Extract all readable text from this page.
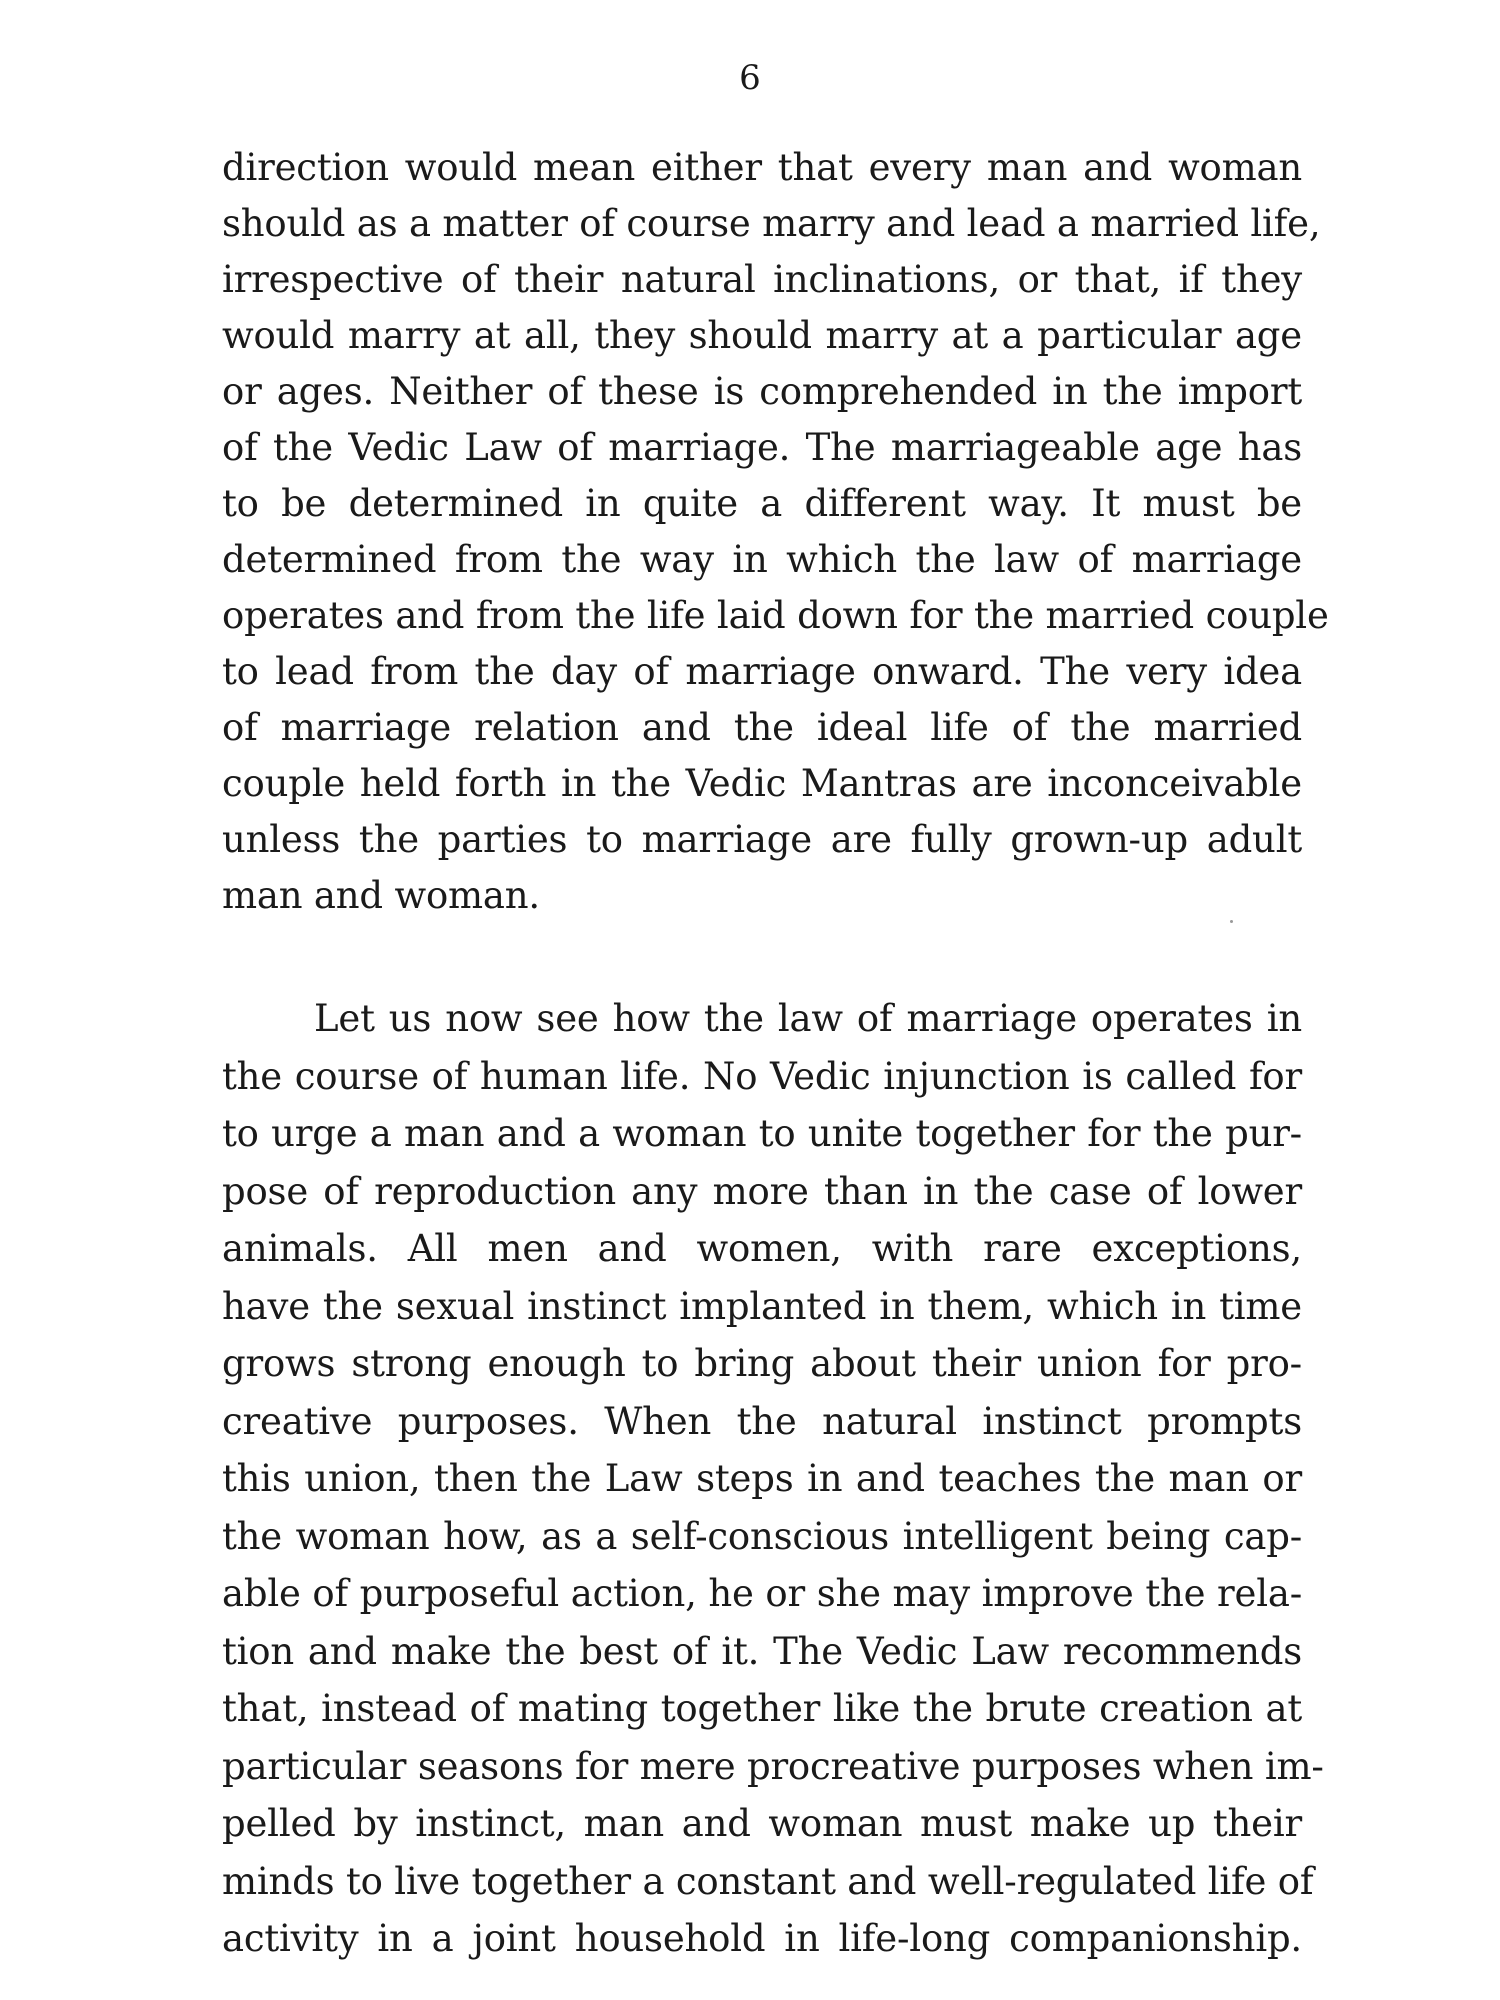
6
direction would mean either that every man and woman
should as a matter of course marry and lead a married life,
irrespective of their natural inclinations, or that, if they
would marry at all, they should marry at a particular age
or ages. Neither of these is comprehended in the import
of the Vedic Law of marriage. The marriageable age has
to be determined in quite a different way. It must be
determined from the way in which the law of marriage
operates and from the life laid down for the married couple
to lead from the day of marriage onward. The very idea
of marriage relation and the ideal life of the married
couple held forth in the Vedic Mantras are inconceivable
unless the parties to marriage are fully grown-up adult
man and woman.
Let us now see how the law of marriage operates in
the course of human life. No Vedic injunction is called for
to urge a man and a woman to unite together for the pur-
pose of reproduction any more than in the case of lower
animals. All men and women, with rare exceptions,
have the sexual instinct implanted in them, which in time
grows strong enough to bring about their union for pro-
creative purposes. When the natural instinct prompts
this union, then the Law steps in and teaches the man or
the woman how, as a self-conscious intelligent being cap-
able of purposeful action, he or she may improve the rela-
tion and make the best of it. The Vedic Law recommends
that, instead of mating together like the brute creation at
particular seasons for mere procreative purposes when im-
pelled by instinct, man and woman must make up their
minds to live together a constant and well-regulated life of
activity in a joint household in life-long companionship.
